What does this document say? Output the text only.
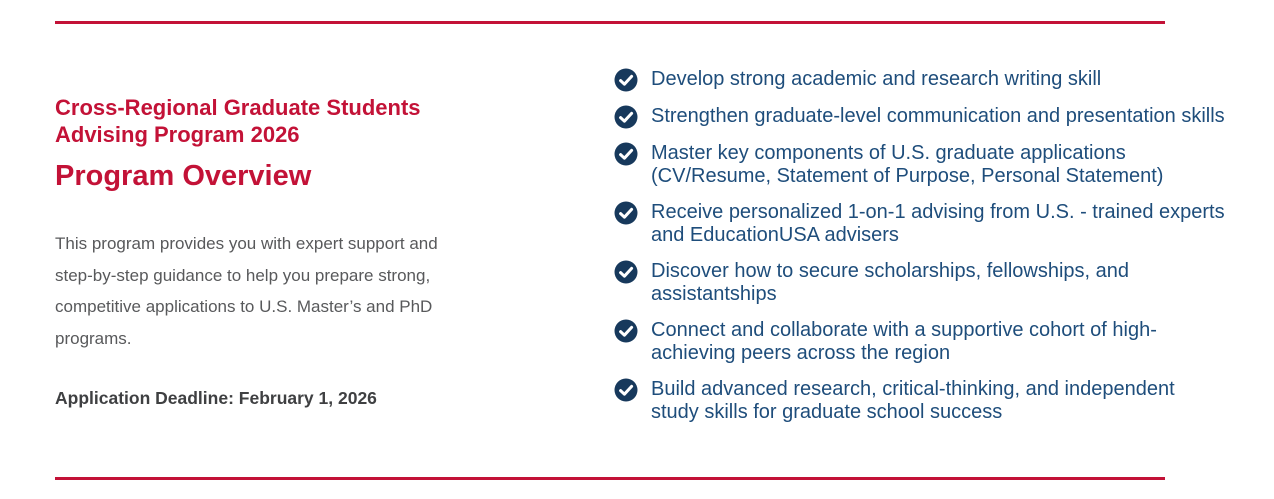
Cross-Regional Graduate Students Advising Program 2026
Program Overview

This program provides you with expert support and step-by-step guidance to help you prepare strong, competitive applications to U.S. Master’s and PhD programs.

Application Deadline: February 1, 2026

Develop strong academic and research writing skill
Strengthen graduate-level communication and presentation skills
Master key components of U.S. graduate applications (CV/Resume, Statement of Purpose, Personal Statement)
Receive personalized 1-on-1 advising from U.S. - trained experts and EducationUSA advisers
Discover how to secure scholarships, fellowships, and assistantships
Connect and collaborate with a supportive cohort of high-achieving peers across the region
Build advanced research, critical-thinking, and independent study skills for graduate school success
